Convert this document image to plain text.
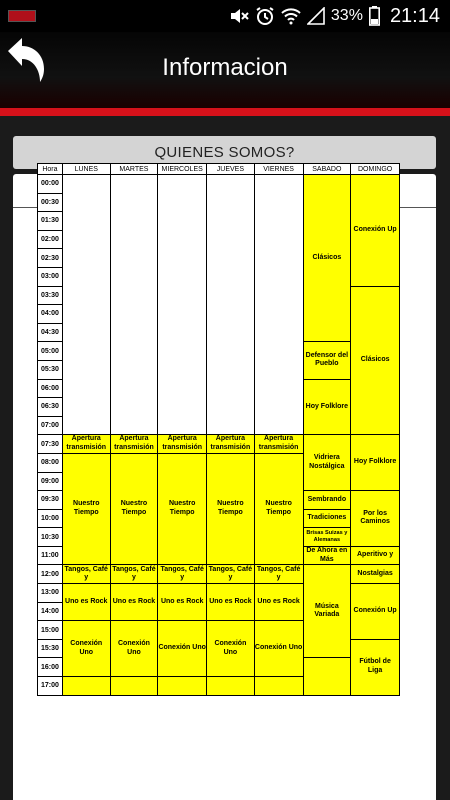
33% 21:14
Informacion
QUIENES SOMOS?
Hora	LUNES	MARTES	MIERCOLES	JUEVES	VIERNES	SABADO	DOMINGO
00:00						Clásicos	Conexión Up
00:30							
01:30							
02:00							
02:30							
03:00							
03:30							Clásicos
04:00							
04:30							
05:00						Defensor del Pueblo	
05:30							
06:00						Hoy Folklore	
06:30							
07:00							
07:30	Apertura transmisión	Apertura transmisión	Apertura transmisión	Apertura transmisión	Apertura transmisión	Vidriera Nostálgica	Hoy Folklore
08:00	Nuestro Tiempo	Nuestro Tiempo	Nuestro Tiempo	Nuestro Tiempo	Nuestro Tiempo		
09:00							
09:30						Sembrando	Por los Caminos
10:00						Tradiciones	
10:30						Brisas Suizas y Alemanas	
11:00						De Ahora en Más	Aperitivo y
12:00	Tangos, Café y	Tangos, Café y	Tangos, Café y	Tangos, Café y	Tangos, Café y	Música Variada	Nostalgias
13:00	Uno es Rock	Uno es Rock	Uno es Rock	Uno es Rock	Uno es Rock		Conexión Up
14:00							
15:00	Conexión Uno	Conexión Uno	Conexión Uno	Conexión Uno	Conexión Uno		
15:30							Fútbol de Liga
16:00							
17:00							
